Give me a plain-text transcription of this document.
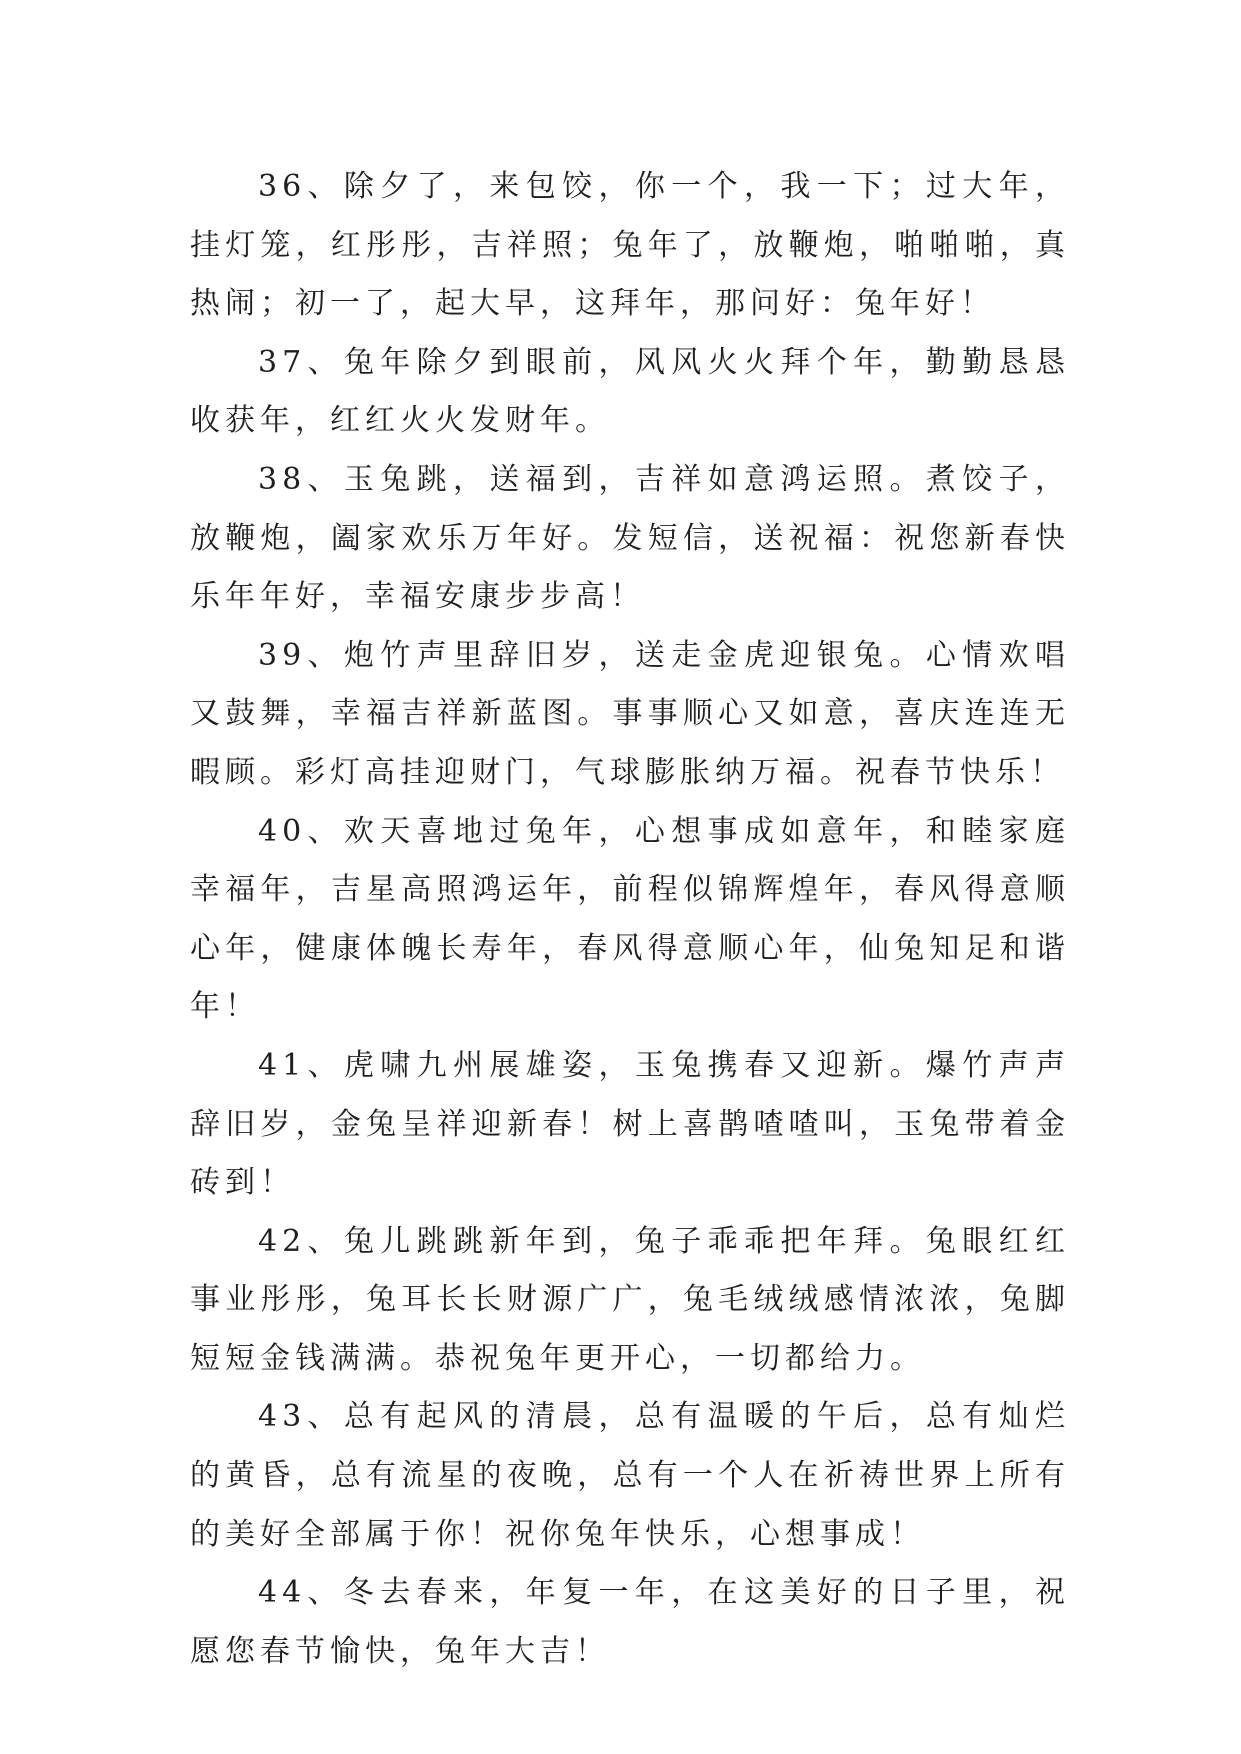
36、除夕了，来包饺，你一个，我一下；过大年，挂灯笼，红彤彤，吉祥照；兔年了，放鞭炮，啪啪啪，真热闹；初一了，起大早，这拜年，那问好：兔年好！

37、兔年除夕到眼前，风风火火拜个年，勤勤恳恳收获年，红红火火发财年。

38、玉兔跳，送福到，吉祥如意鸿运照。煮饺子，放鞭炮，阖家欢乐万年好。发短信，送祝福：祝您新春快乐年年好，幸福安康步步高！

39、炮竹声里辞旧岁，送走金虎迎银兔。心情欢唱又鼓舞，幸福吉祥新蓝图。事事顺心又如意，喜庆连连无暇顾。彩灯高挂迎财门，气球膨胀纳万福。祝春节快乐！

40、欢天喜地过兔年，心想事成如意年，和睦家庭幸福年，吉星高照鸿运年，前程似锦辉煌年，春风得意顺心年，健康体魄长寿年，春风得意顺心年，仙兔知足和谐年！

41、虎啸九州展雄姿，玉兔携春又迎新。爆竹声声辞旧岁，金兔呈祥迎新春！树上喜鹊喳喳叫，玉兔带着金砖到！

42、兔儿跳跳新年到，兔子乖乖把年拜。兔眼红红事业彤彤，兔耳长长财源广广，兔毛绒绒感情浓浓，兔脚短短金钱满满。恭祝兔年更开心，一切都给力。

43、总有起风的清晨，总有温暖的午后，总有灿烂的黄昏，总有流星的夜晚，总有一个人在祈祷世界上所有的美好全部属于你！祝你兔年快乐，心想事成！

44、冬去春来，年复一年，在这美好的日子里，祝愿您春节愉快，兔年大吉！
